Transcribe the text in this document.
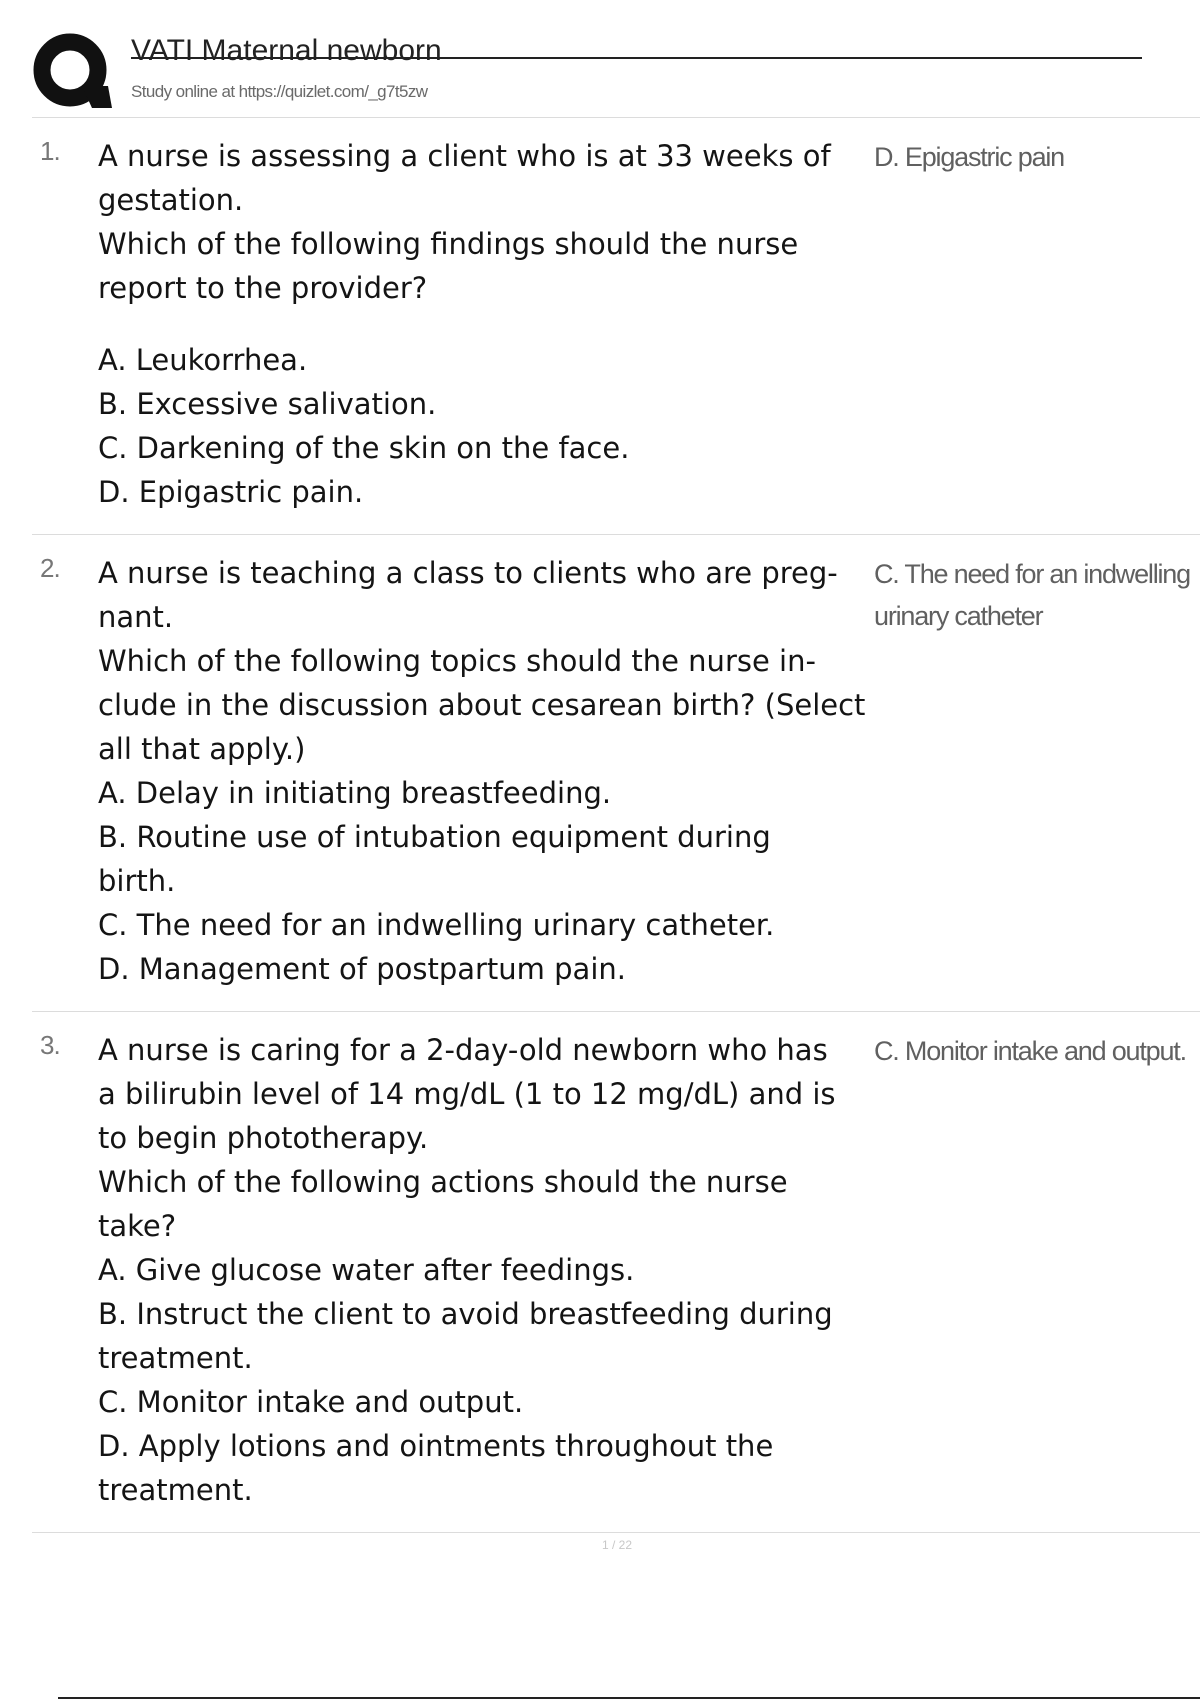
VATI Maternal newborn
Study online at https://quizlet.com/_g7t5zw
1. A nurse is assessing a client who is at 33 weeks of
gestation.
Which of the following findings should the nurse
report to the provider?
A. Leukorrhea.
B. Excessive salivation.
C. Darkening of the skin on the face.
D. Epigastric pain.
D. Epigastric pain
2. A nurse is teaching a class to clients who are preg-
nant.
Which of the following topics should the nurse in-
clude in the discussion about cesarean birth? (Select
all that apply.)
A. Delay in initiating breastfeeding.
B. Routine use of intubation equipment during
birth.
C. The need for an indwelling urinary catheter.
D. Management of postpartum pain.
C. The need for an indwelling urinary catheter
3. A nurse is caring for a 2-day-old newborn who has
a bilirubin level of 14 mg/dL (1 to 12 mg/dL) and is
to begin phototherapy.
Which of the following actions should the nurse
take?
A. Give glucose water after feedings.
B. Instruct the client to avoid breastfeeding during
treatment.
C. Monitor intake and output.
D. Apply lotions and ointments throughout the
treatment.
C. Monitor intake and output.
1 / 22
